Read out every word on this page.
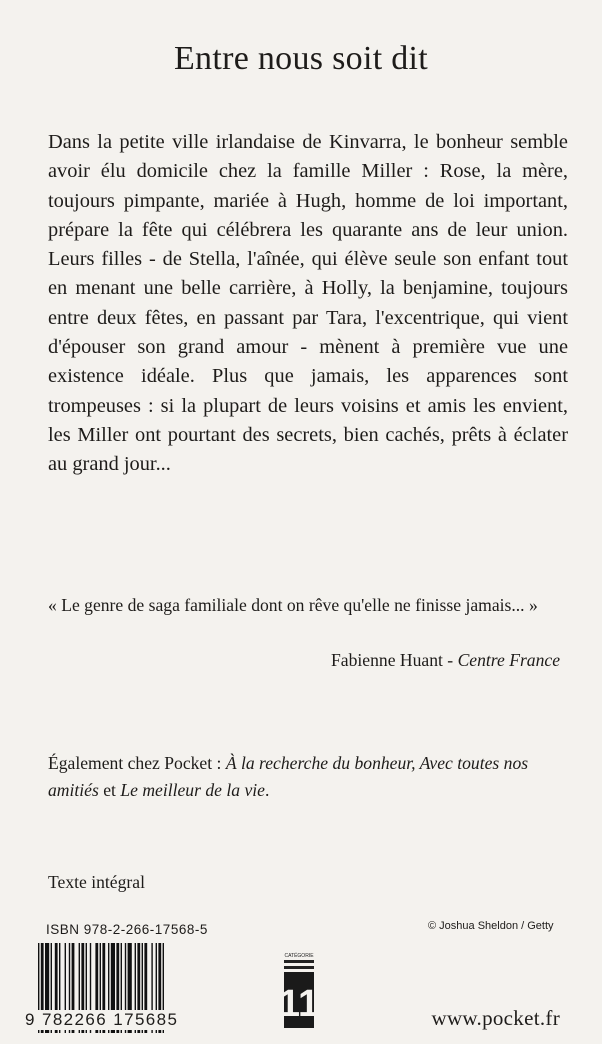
Entre nous soit dit

Dans la petite ville irlandaise de Kinvarra, le bonheur semble avoir élu domicile chez la famille Miller : Rose, la mère, toujours pimpante, mariée à Hugh, homme de loi important, prépare la fête qui célébrera les quarante ans de leur union. Leurs filles - de Stella, l'aînée, qui élève seule son enfant tout en menant une belle carrière, à Holly, la benjamine, toujours entre deux fêtes, en passant par Tara, l'excentrique, qui vient d'épouser son grand amour - mènent à première vue une existence idéale. Plus que jamais, les apparences sont trompeuses : si la plupart de leurs voisins et amis les envient, les Miller ont pourtant des secrets, bien cachés, prêts à éclater au grand jour...

« Le genre de saga familiale dont on rêve qu'elle ne finisse jamais... »

Fabienne Huant - Centre France

Également chez Pocket : À la recherche du bonheur, Avec toutes nos amitiés et Le meilleur de la vie.

Texte intégral
ISBN 978-2-266-17568-5	© Joshua Sheldon / Getty
9 782266 175685
CATÉGORIE
11	www.pocket.fr
